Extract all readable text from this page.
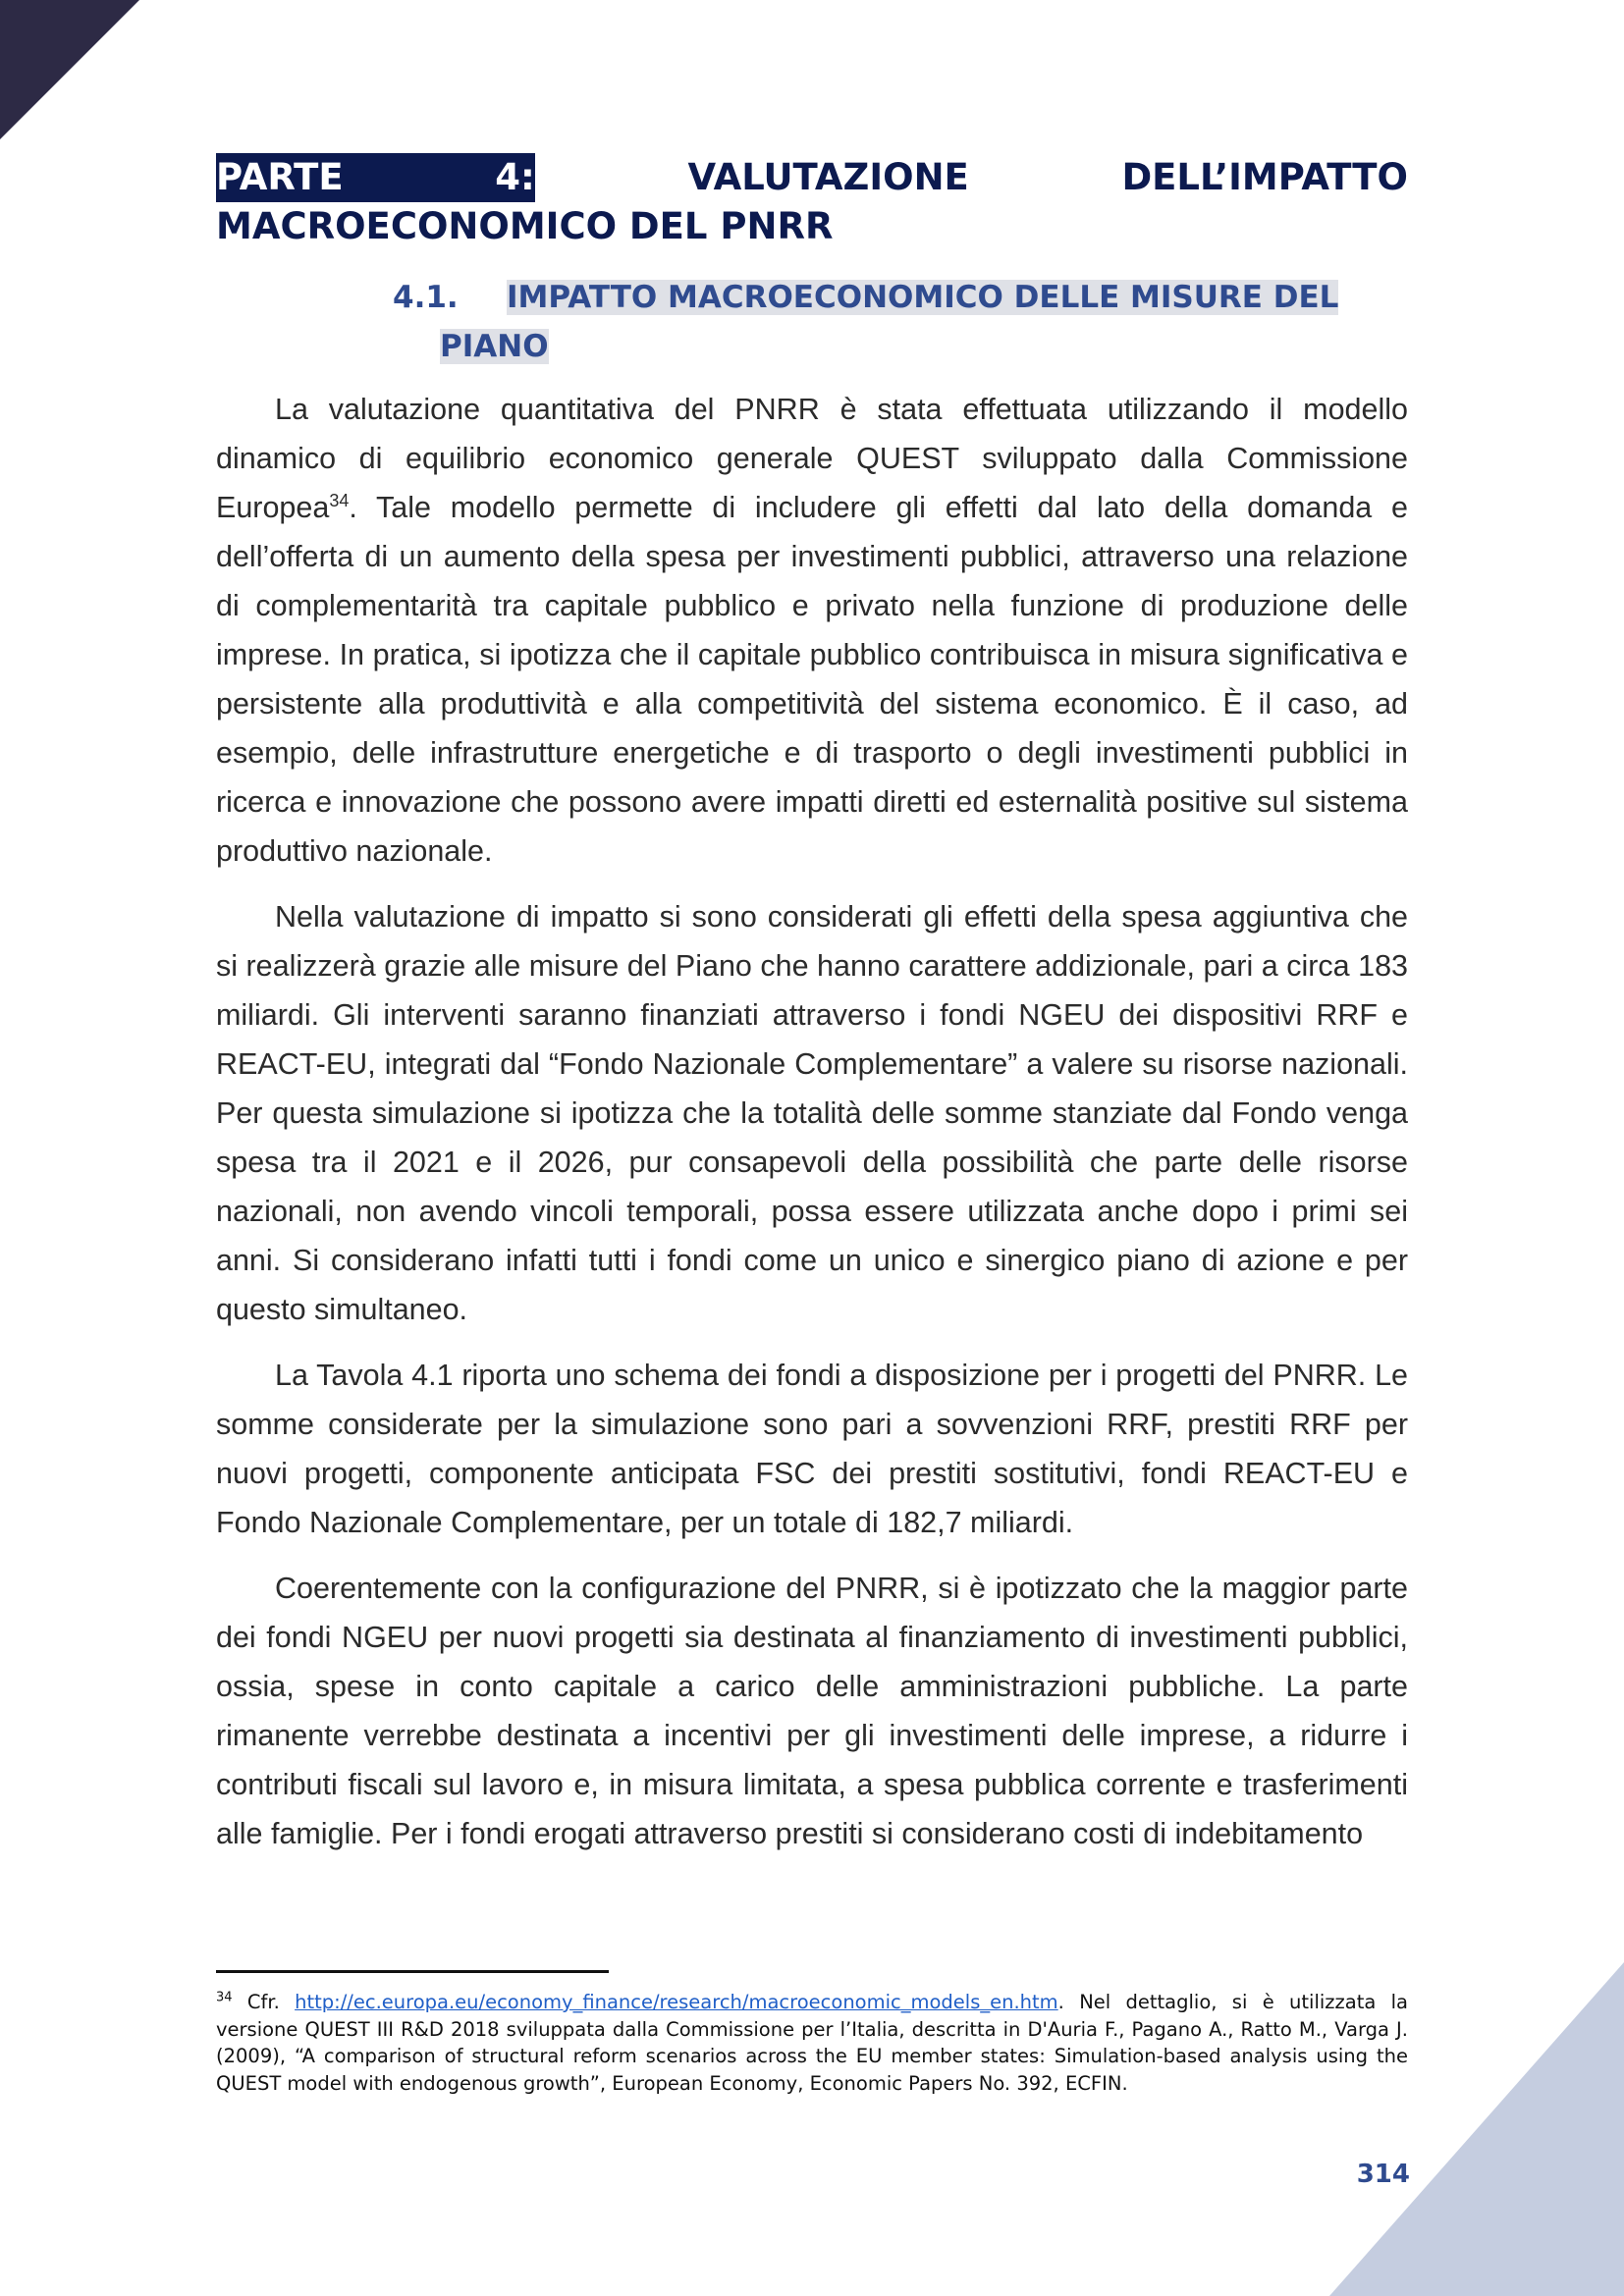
PARTE	4:	VALUTAZIONE	DELL’IMPATTO
MACROECONOMICO DEL PNRR
4.1. IMPATTO MACROECONOMICO DELLE MISURE DEL
PIANO

La valutazione quantitativa del PNRR è stata effettuata utilizzando il modello dinamico di equilibrio economico generale QUEST sviluppato dalla Commissione Europea$^{34}$. Tale modello permette di includere gli effetti dal lato della domanda e dell’offerta di un aumento della spesa per investimenti pubblici, attraverso una relazione di complementarità tra capitale pubblico e privato nella funzione di produzione delle imprese. In pratica, si ipotizza che il capitale pubblico contribuisca in misura significativa e persistente alla produttività e alla competitività del sistema economico. È il caso, ad esempio, delle infrastrutture energetiche e di trasporto o degli investimenti pubblici in ricerca e innovazione che possono avere impatti diretti ed esternalità positive sul sistema produttivo nazionale.

Nella valutazione di impatto si sono considerati gli effetti della spesa aggiuntiva che si realizzerà grazie alle misure del Piano che hanno carattere addizionale, pari a circa 183 miliardi. Gli interventi saranno finanziati attraverso i fondi NGEU dei dispositivi RRF e REACT-EU, integrati dal “Fondo Nazionale Complementare” a valere su risorse nazionali. Per questa simulazione si ipotizza che la totalità delle somme stanziate dal Fondo venga spesa tra il 2021 e il 2026, pur consapevoli della possibilità che parte delle risorse nazionali, non avendo vincoli temporali, possa essere utilizzata anche dopo i primi sei anni. Si considerano infatti tutti i fondi come un unico e sinergico piano di azione e per questo simultaneo.

La Tavola 4.1 riporta uno schema dei fondi a disposizione per i progetti del PNRR. Le somme considerate per la simulazione sono pari a sovvenzioni RRF, prestiti RRF per nuovi progetti, componente anticipata FSC dei prestiti sostitutivi, fondi REACT-EU e Fondo Nazionale Complementare, per un totale di 182,7 miliardi.

Coerentemente con la configurazione del PNRR, si è ipotizzato che la maggior parte dei fondi NGEU per nuovi progetti sia destinata al finanziamento di investimenti pubblici, ossia, spese in conto capitale a carico delle amministrazioni pubbliche. La parte rimanente verrebbe destinata a incentivi per gli investimenti delle imprese, a ridurre i contributi fiscali sul lavoro e, in misura limitata, a spesa pubblica corrente e trasferimenti alle famiglie. Per i fondi erogati attraverso prestiti si considerano costi di indebitamento

$^{34}$ Cfr. http://ec.europa.eu/economy_finance/research/macroeconomic_models_en.htm. Nel dettaglio, si è utilizzata la versione QUEST III R&D 2018 sviluppata dalla Commissione per l’Italia, descritta in D'Auria F., Pagano A., Ratto M., Varga J. (2009), “A comparison of structural reform scenarios across the EU member states: Simulation-based analysis using the QUEST model with endogenous growth”, European Economy, Economic Papers No. 392, ECFIN.

314
